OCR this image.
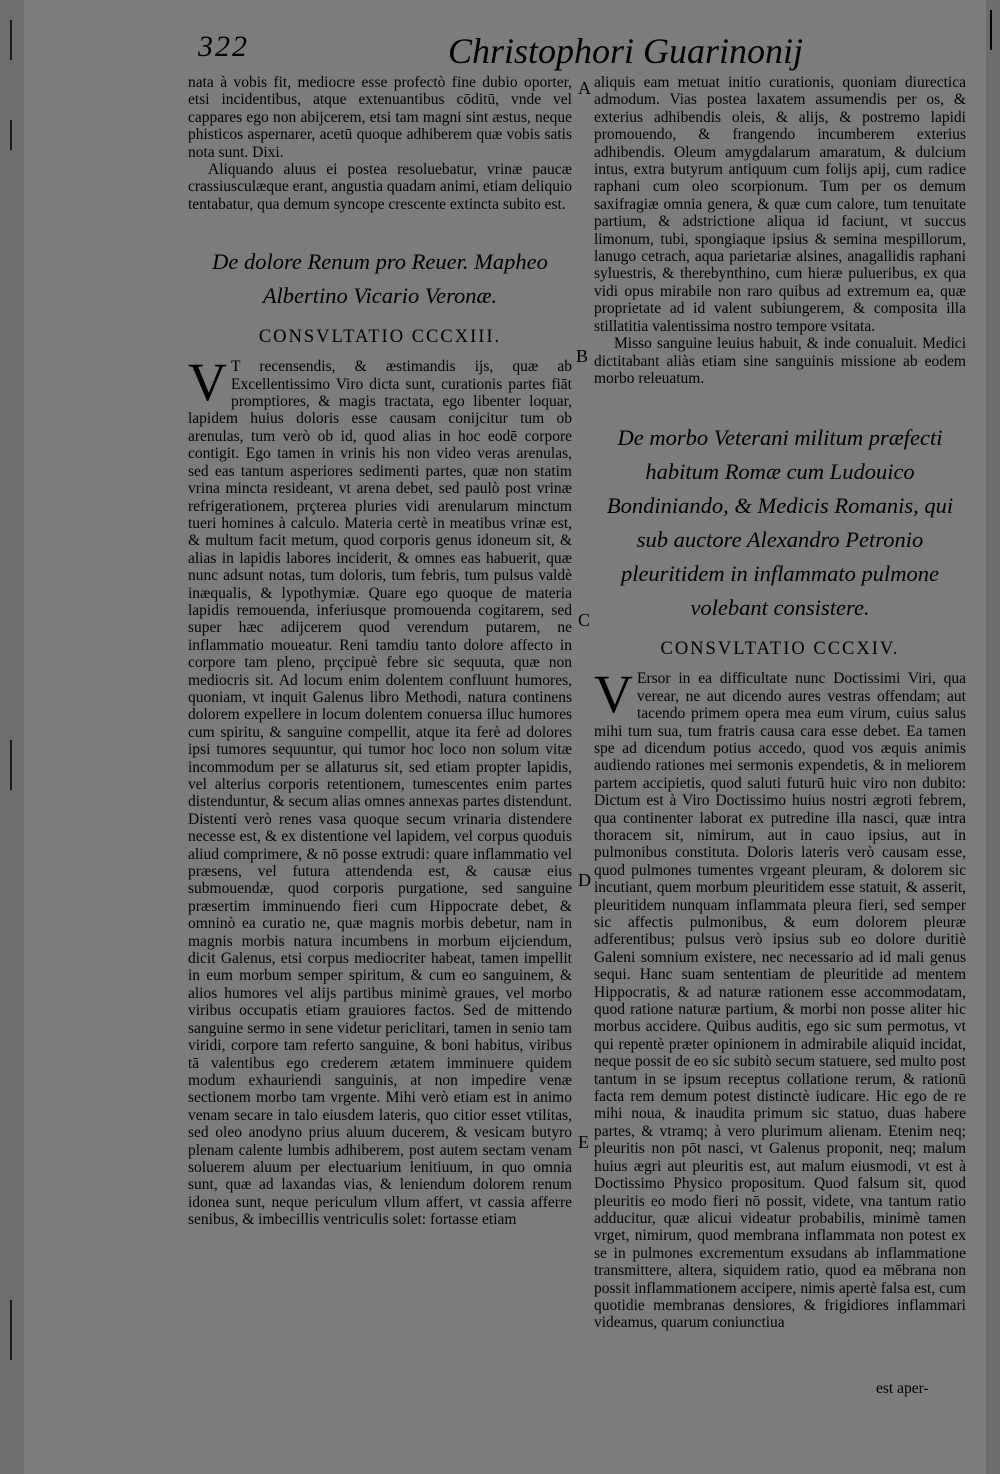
322	Christophori Guarinonij
nata à vobis fit, mediocre esse profectò fine dubio oporter, etsi incidentibus, atque extenuantibus cōditū, vnde vel cappares ego non abijcerem, etsi tam magni sint æstus, neque phisticos aspernarer, acetū quoque adhiberem quæ vobis satis nota sunt. Dixi.
Aliquando aluus ei postea resoluebatur, vrinæ paucæ crassiusculæque erant, angustia quadam animi, etiam deliquio tentabatur, qua demum syncope crescente extincta subito est.
De dolore Renum pro Reuer. Mapheo Albertino Vicario Veronæ.
CONSVLTATIO CCCXIII.
V T recensendis, & æstimandis ijs, quæ ab Excellentissimo Viro dicta sunt, curationis partes fiāt promptiores, & magis tractata, ego libenter loquar, lapidem huius doloris esse causam conijcitur tum ob arenulas, tum verò ob id, quod alias in hoc eodē corpore contigit. Ego tamen in vrinis his non video veras arenulas, sed eas tantum asperiores sedimenti partes, quæ non statim vrina mincta resideant, vt arena debet, sed paulò post vrinæ refrigerationem, prçterea pluries vidi arenularum minctum tueri homines à calculo. Materia certè in meatibus vrinæ est, & multum facit metum, quod corporis genus idoneum sit, & alias in lapidis labores inciderit, & omnes eas habuerit, quæ nunc adsunt notas, tum doloris, tum febris, tum pulsus valdè inæqualis, & lypothymiæ. Quare ego quoque de materia lapidis remouenda, inferiusque promouenda cogitarem, sed super hæc adijcerem quod verendum putarem, ne inflammatio moueatur. Reni tamdiu tanto dolore affecto in corpore tam pleno, prçcipuè febre sic sequuta, quæ non mediocris sit. Ad locum enim dolentem confluunt humores, quoniam, vt inquit Galenus libro Methodi, natura continens dolorem expellere in locum dolentem conuersa illuc humores cum spiritu, & sanguine compellit, atque ita ferè ad dolores ipsi tumores sequuntur, qui tumor hoc loco non solum vitæ incommodum per se allaturus sit, sed etiam propter lapidis, vel alterius corporis retentionem, tumescentes enim partes distenduntur, & secum alias omnes annexas partes distendunt. Distenti verò renes vasa quoque secum vrinaria distendere necesse est, & ex distentione vel lapidem, vel corpus quoduis aliud comprimere, & nō posse extrudi: quare inflammatio vel præsens, vel futura attendenda est, & causæ eius submouendæ, quod corporis purgatione, sed sanguine præsertim imminuendo fieri cum Hippocrate debet, & omninò ea curatio ne, quæ magnis morbis debetur, nam in magnis morbis natura incumbens in morbum eijciendum, dicit Galenus, etsi corpus mediocriter habeat, tamen impellit in eum morbum semper spiritum, & cum eo sanguinem, & alios humores vel alijs partibus minimè graues, vel morbo viribus occupatis etiam grauiores factos. Sed de mittendo sanguine sermo in sene videtur periclitari, tamen in senio tam viridi, corpore tam referto sanguine, & boni habitus, viribus tā valentibus ego crederem ætatem imminuere quidem modum exhauriendi sanguinis, at non impedire venæ sectionem morbo tam vrgente. Mihi verò etiam est in animo venam secare in talo eiusdem lateris, quo citior esset vtilitas, sed oleo anodyno prius aluum ducerem, & vesicam butyro plenam calente lumbis adhiberem, post autem sectam venam soluerem aluum per electuarium lenitiuum, in quo omnia sunt, quæ ad laxandas vias, & leniendum dolorem renum idonea sunt, neque periculum vllum affert, vt cassia afferre senibus, & imbecillis ventriculis solet: fortasse etiam
aliquis eam metuat initio curationis, quoniam diurectica admodum. Vias postea laxatem assumendis per os, & exterius adhibendis oleis, & alijs, & postremo lapidi promouendo, & frangendo incumberem exterius adhibendis. Oleum amygdalarum amaratum, & dulcium intus, extra butyrum antiquum cum folijs apij, cum radice raphani cum oleo scorpionum. Tum per os demum saxifragiæ omnia genera, & quæ cum calore, tum tenuitate partium, & adstrictione aliqua id faciunt, vt succus limonum, tubi, spongiaque ipsius & semina mespillorum, lanugo cetrach, aqua parietariæ alsines, anagallidis raphani syluestris, & therebynthino, cum hieræ pulueribus, ex qua vidi opus mirabile non raro quibus ad extremum ea, quæ proprietate ad id valent subiungerem, & composita illa stillatitia valentissima nostro tempore vsitata.
Misso sanguine leuius habuit, & inde conualuit. Medici dictitabant aliàs etiam sine sanguinis missione ab eodem morbo releuatum.
De morbo Veterani militum præfecti habitum Romæ cum Ludouico Bondiniando, & Medicis Romanis, qui sub auctore Alexandro Petronio pleuritidem in inflammato pulmone volebant consistere.
CONSVLTATIO CCCXIV.
V Ersor in ea difficultate nunc Doctissimi Viri, qua verear, ne aut dicendo aures vestras offendam; aut tacendo primem opera mea eum virum, cuius salus mihi tum sua, tum fratris causa cara esse debet. Ea tamen spe ad dicendum potius accedo, quod vos æquis animis audiendo rationes mei sermonis expendetis, & in meliorem partem accipietis, quod saluti futurū huic viro non dubito: Dictum est à Viro Doctissimo huius nostri ægroti febrem, qua continenter laborat ex putredine illa nasci, quæ intra thoracem sit, nimirum, aut in cauo ipsius, aut in pulmonibus constituta. Doloris lateris verò causam esse, quod pulmones tumentes vrgeant pleuram, & dolorem sic incutiant, quem morbum pleuritidem esse statuit, & asserit, pleuritidem nunquam inflammata pleura fieri, sed semper sic affectis pulmonibus, & eum dolorem pleuræ adferentibus; pulsus verò ipsius sub eo dolore duritiè Galeni somnium existere, nec necessario ad id mali genus sequi. Hanc suam sententiam de pleuritide ad mentem Hippocratis, & ad naturæ rationem esse accommodatam, quod ratione naturæ partium, & morbi non posse aliter hic morbus accidere. Quibus auditis, ego sic sum permotus, vt qui repentè præter opinionem in admirabile aliquid incidat, neque possit de eo sic subitò secum statuere, sed multo post tantum in se ipsum receptus collatione rerum, & rationū facta rem demum potest distinctè iudicare. Hic ego de re mihi noua, & inaudita primum sic statuo, duas habere partes, & vtramq; à vero plurimum alienam. Etenim neq; pleuritis non pōt nasci, vt Galenus proponit, neq; malum huius ægri aut pleuritis est, aut malum eiusmodi, vt est à Doctissimo Physico propositum. Quod falsum sit, quod pleuritis eo modo fieri nō possit, videte, vna tantum ratio adducitur, quæ alicui videatur probabilis, minimè tamen vrget, nimirum, quod membrana inflammata non potest ex se in pulmones excrementum exsudans ab inflammatione transmittere, altera, siquidem ratio, quod ea mēbrana non possit inflammationem accipere, nimis apertè falsa est, cum quotidie membranas densiores, & frigidiores inflammari videamus, quarum coniunctiua
A
B
C
D
E
est aper-
